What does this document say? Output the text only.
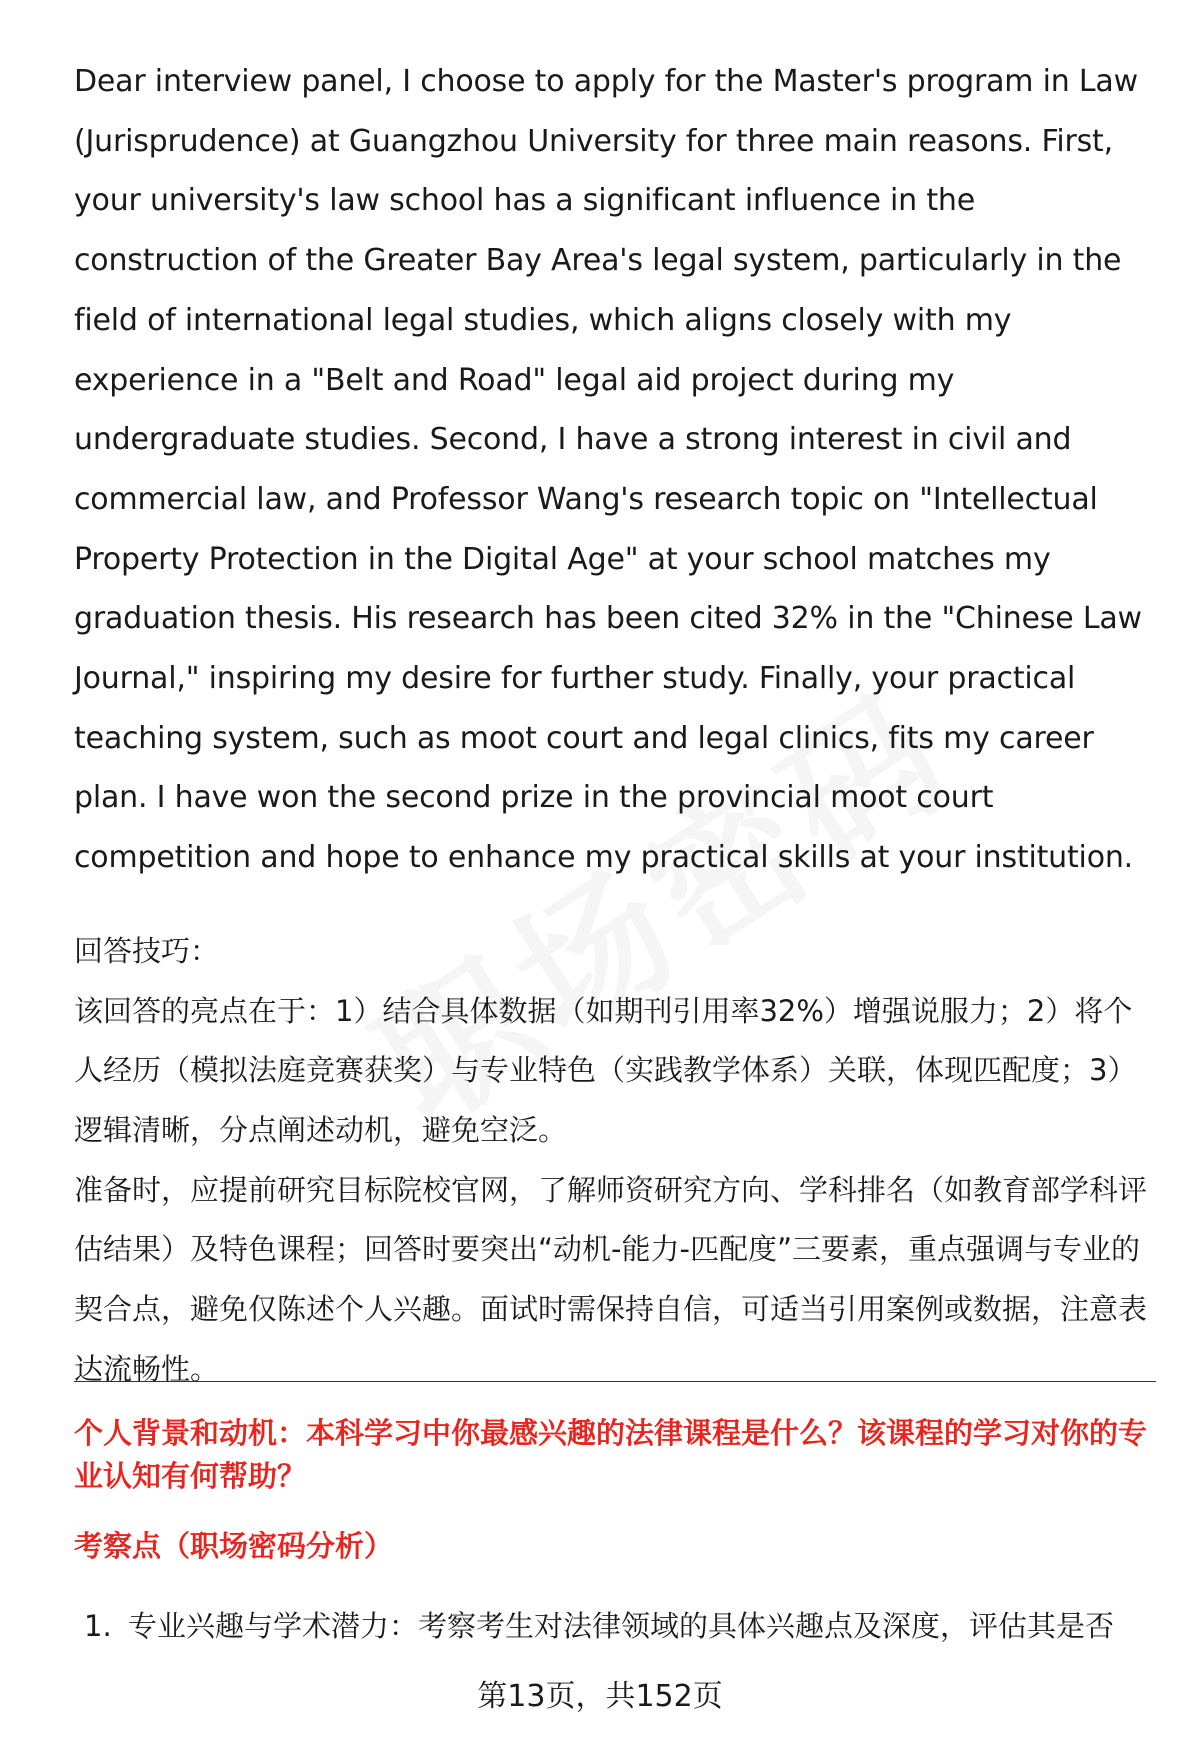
Dear interview panel, I choose to apply for the Master's program in Law (Jurisprudence) at Guangzhou University for three main reasons. First, your university's law school has a significant influence in the construction of the Greater Bay Area's legal system, particularly in the field of international legal studies, which aligns closely with my experience in a "Belt and Road" legal aid project during my undergraduate studies. Second, I have a strong interest in civil and commercial law, and Professor Wang's research topic on "Intellectual Property Protection in the Digital Age" at your school matches my graduation thesis. His research has been cited 32% in the "Chinese Law Journal," inspiring my desire for further study. Finally, your practical teaching system, such as moot court and legal clinics, fits my career plan. I have won the second prize in the provincial moot court competition and hope to enhance my practical skills at your institution.

回答技巧：

该回答的亮点在于：1）结合具体数据（如期刊引用率32%）增强说服力；2）将个人经历（模拟法庭竞赛获奖）与专业特色（实践教学体系）关联，体现匹配度；3）逻辑清晰，分点阐述动机，避免空泛。

准备时，应提前研究目标院校官网，了解师资研究方向、学科排名（如教育部学科评估结果）及特色课程；回答时要突出“动机-能力-匹配度”三要素，重点强调与专业的契合点，避免仅陈述个人兴趣。面试时需保持自信，可适当引用案例或数据，注意表达流畅性。

个人背景和动机：本科学习中你最感兴趣的法律课程是什么？该课程的学习对你的专业认知有何帮助？

考察点（职场密码分析）

1. 专业兴趣与学术潜力：考察考生对法律领域的具体兴趣点及深度，评估其是否
第13页，共152页
